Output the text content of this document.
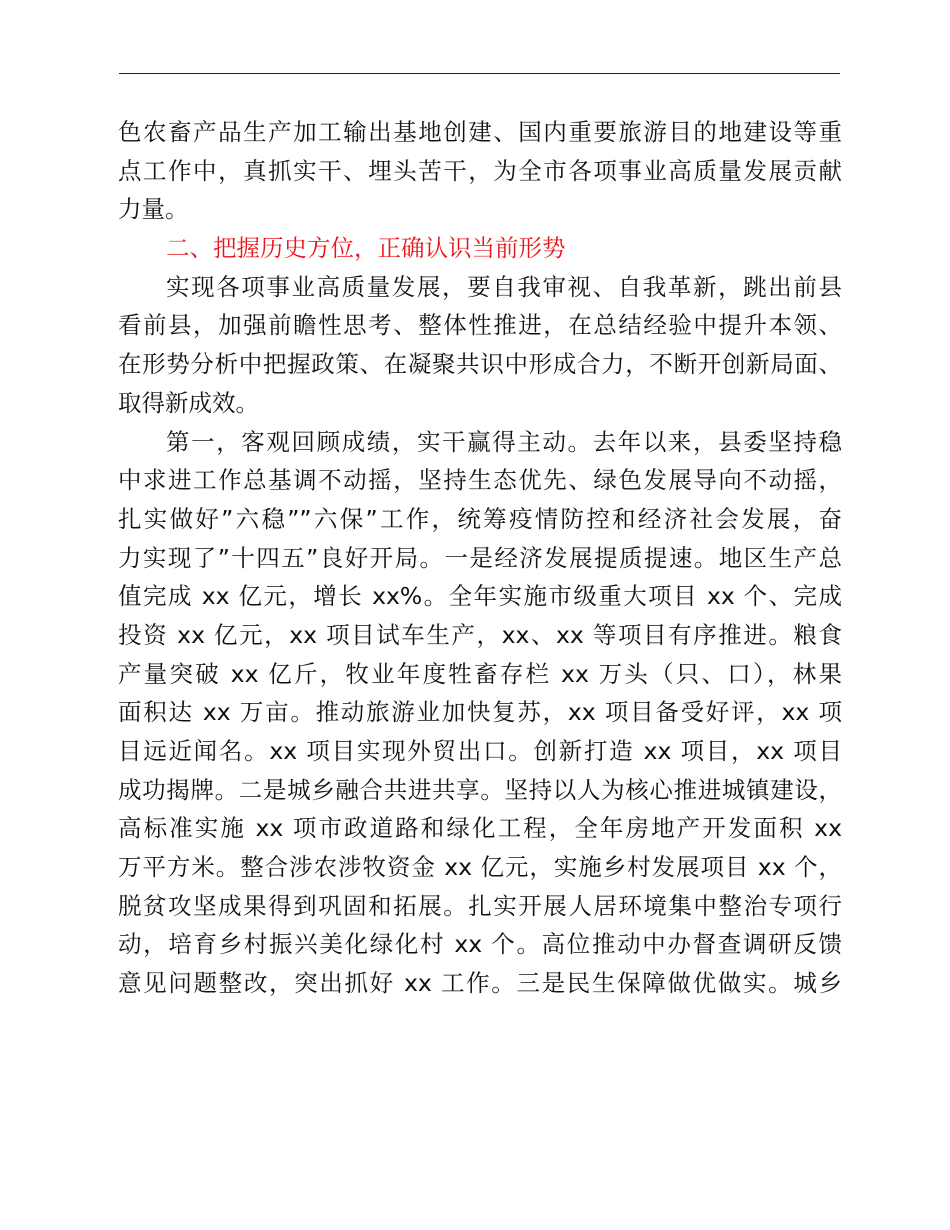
色农畜产品生产加工输出基地创建、国内重要旅游目的地建设等重
点工作中，真抓实干、埋头苦干，为全市各项事业高质量发展贡献
力量。
二、把握历史方位，正确认识当前形势
实现各项事业高质量发展，要自我审视、自我革新，跳出前县
看前县，加强前瞻性思考、整体性推进，在总结经验中提升本领、
在形势分析中把握政策、在凝聚共识中形成合力，不断开创新局面、
取得新成效。
第一，客观回顾成绩，实干赢得主动。去年以来，县委坚持稳
中求进工作总基调不动摇，坚持生态优先、绿色发展导向不动摇，
扎实做好”六稳””六保”工作，统筹疫情防控和经济社会发展，奋
力实现了”十四五”良好开局。一是经济发展提质提速。地区生产总
值完成 xx 亿元，增长 xx%。全年实施市级重大项目 xx 个、完成
投资 xx 亿元，xx 项目试车生产，xx、xx 等项目有序推进。粮食
产量突破 xx 亿斤，牧业年度牲畜存栏 xx 万头（只、口），林果
面积达 xx 万亩。推动旅游业加快复苏，xx 项目备受好评，xx 项
目远近闻名。xx 项目实现外贸出口。创新打造 xx 项目，xx 项目
成功揭牌。二是城乡融合共进共享。坚持以人为核心推进城镇建设，
高标准实施 xx 项市政道路和绿化工程，全年房地产开发面积 xx
万平方米。整合涉农涉牧资金 xx 亿元，实施乡村发展项目 xx 个，
脱贫攻坚成果得到巩固和拓展。扎实开展人居环境集中整治专项行
动，培育乡村振兴美化绿化村 xx 个。高位推动中办督查调研反馈
意见问题整改，突出抓好 xx 工作。三是民生保障做优做实。城乡
